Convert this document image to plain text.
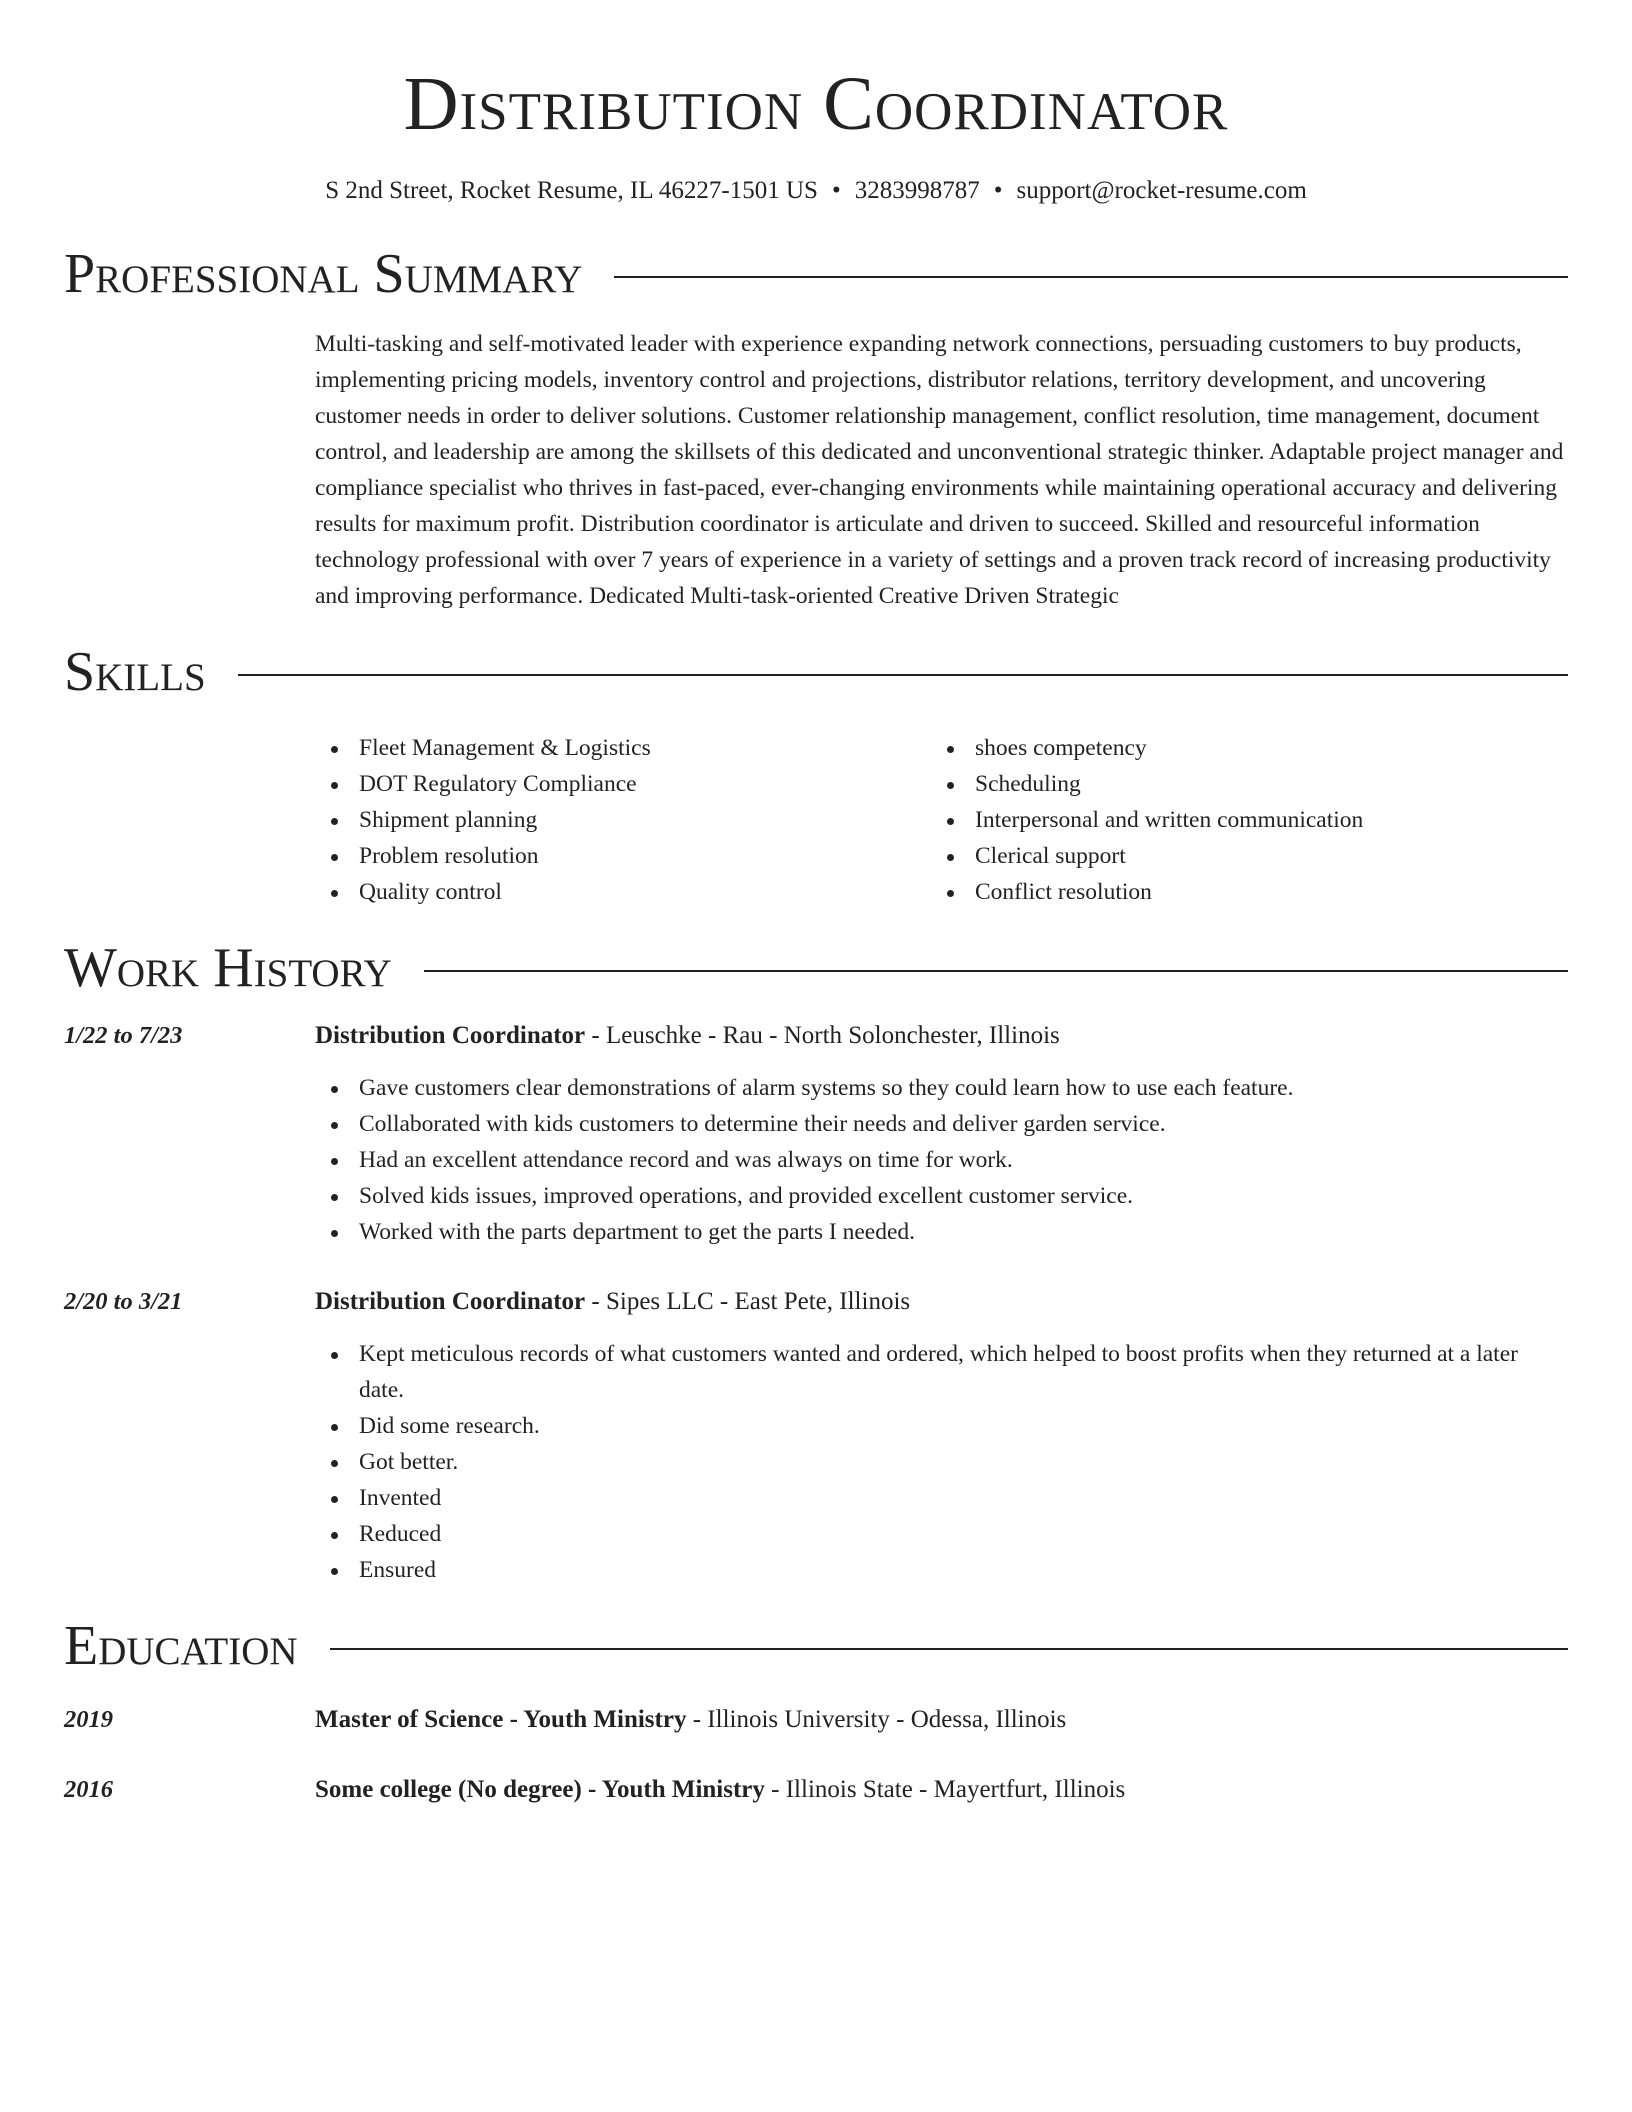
Distribution Coordinator
S 2nd Street, Rocket Resume, IL 46227-1501 US • 3283998787 • support@rocket-resume.com
Professional Summary

Multi-tasking and self-motivated leader with experience expanding network connections, persuading customers to buy products, implementing pricing models, inventory control and projections, distributor relations, territory development, and uncovering customer needs in order to deliver solutions. Customer relationship management, conflict resolution, time management, document control, and leadership are among the skillsets of this dedicated and unconventional strategic thinker. Adaptable project manager and compliance specialist who thrives in fast-paced, ever-changing environments while maintaining operational accuracy and delivering results for maximum profit. Distribution coordinator is articulate and driven to succeed. Skilled and resourceful information technology professional with over 7 years of experience in a variety of settings and a proven track record of increasing productivity and improving performance. Dedicated Multi-task-oriented Creative Driven Strategic

Skills
Fleet Management & Logistics
DOT Regulatory Compliance
Shipment planning
Problem resolution
Quality control
shoes competency
Scheduling
Interpersonal and written communication
Clerical support
Conflict resolution
Work History
1/22 to 7/23	Distribution Coordinator - Leuschke - Rau - North Solonchester, Illinois
Gave customers clear demonstrations of alarm systems so they could learn how to use each feature.
Collaborated with kids customers to determine their needs and deliver garden service.
Had an excellent attendance record and was always on time for work.
Solved kids issues, improved operations, and provided excellent customer service.
Worked with the parts department to get the parts I needed.
2/20 to 3/21	Distribution Coordinator - Sipes LLC - East Pete, Illinois
Kept meticulous records of what customers wanted and ordered, which helped to boost profits when they returned at a later date.
Did some research.
Got better.
Invented
Reduced
Ensured
Education
2019	Master of Science - Youth Ministry - Illinois University - Odessa, Illinois
2016	Some college (No degree) - Youth Ministry - Illinois State - Mayertfurt, Illinois
